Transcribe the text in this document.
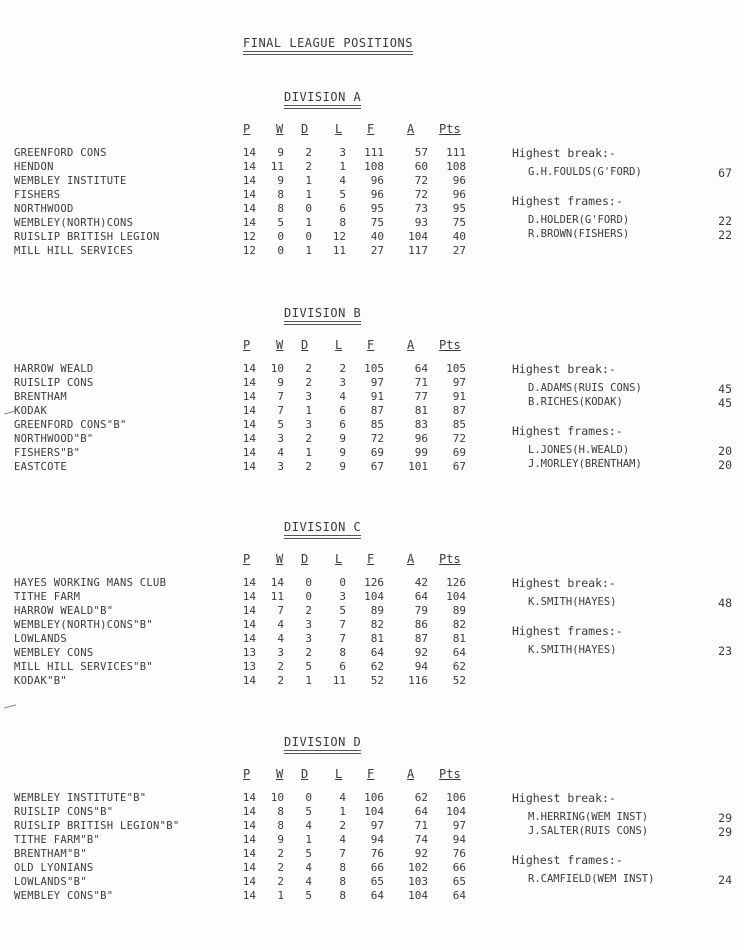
FINAL LEAGUE POSITIONS
DIVISION A
P W D L F	A Pts
GREENFORD CONS	14	9	2	3	111	57	111
HENDON	14	11	2	1	108	60	108
WEMBLEY INSTITUTE	14	9	1	4	96	72	96
FISHERS	14	8	1	5	96	72	96
NORTHWOOD	14	8	0	6	95	73	95
WEMBLEY(NORTH)CONS	14	5	1	8	75	93	75
RUISLIP BRITISH LEGION	12	0	0	12	40	104	40
MILL HILL SERVICES	12	0	1	11	27	117	27
Highest break:-
G.H.FOULDS(G'FORD)	67
Highest frames:-
D.HOLDER(G'FORD)	22
R.BROWN(FISHERS)	22
DIVISION B
P W D L F	A Pts
HARROW WEALD	14	10	2	2	105	64	105
RUISLIP CONS	14	9	2	3	97	71	97
BRENTHAM	14	7	3	4	91	77	91
KODAK	14	7	1	6	87	81	87
GREENFORD CONS"B"	14	5	3	6	85	83	85
NORTHWOOD"B"	14	3	2	9	72	96	72
FISHERS"B"	14	4	1	9	69	99	69
EASTCOTE	14	3	2	9	67	101	67
Highest break:-
D.ADAMS(RUIS CONS)	45
B.RICHES(KODAK)	45
Highest frames:-
L.JONES(H.WEALD)	20
J.MORLEY(BRENTHAM)	20
DIVISION C
P W D L F	A Pts
HAYES WORKING MANS CLUB	14	14	0	0	126	42	126
TITHE FARM	14	11	0	3	104	64	104
HARROW WEALD"B"	14	7	2	5	89	79	89
WEMBLEY(NORTH)CONS"B"	14	4	3	7	82	86	82
LOWLANDS	14	4	3	7	81	87	81
WEMBLEY CONS	13	3	2	8	64	92	64
MILL HILL SERVICES"B"	13	2	5	6	62	94	62
KODAK"B"	14	2	1	11	52	116	52
Highest break:-
K.SMITH(HAYES)	48
Highest frames:-
K.SMITH(HAYES)	23
DIVISION D
P W D L F	A Pts
WEMBLEY INSTITUTE"B"	14	10	0	4	106	62	106
RUISLIP CONS"B"	14	8	5	1	104	64	104
RUISLIP BRITISH LEGION"B"	14	8	4	2	97	71	97
TITHE FARM"B"	14	9	1	4	94	74	94
BRENTHAM"B"	14	2	5	7	76	92	76
OLD LYONIANS	14	2	4	8	66	102	66
LOWLANDS"B"	14	2	4	8	65	103	65
WEMBLEY CONS"B"	14	1	5	8	64	104	64
Highest break:-
M.HERRING(WEM INST)	29
J.SALTER(RUIS CONS)	29
Highest frames:-
R.CAMFIELD(WEM INST)	24
